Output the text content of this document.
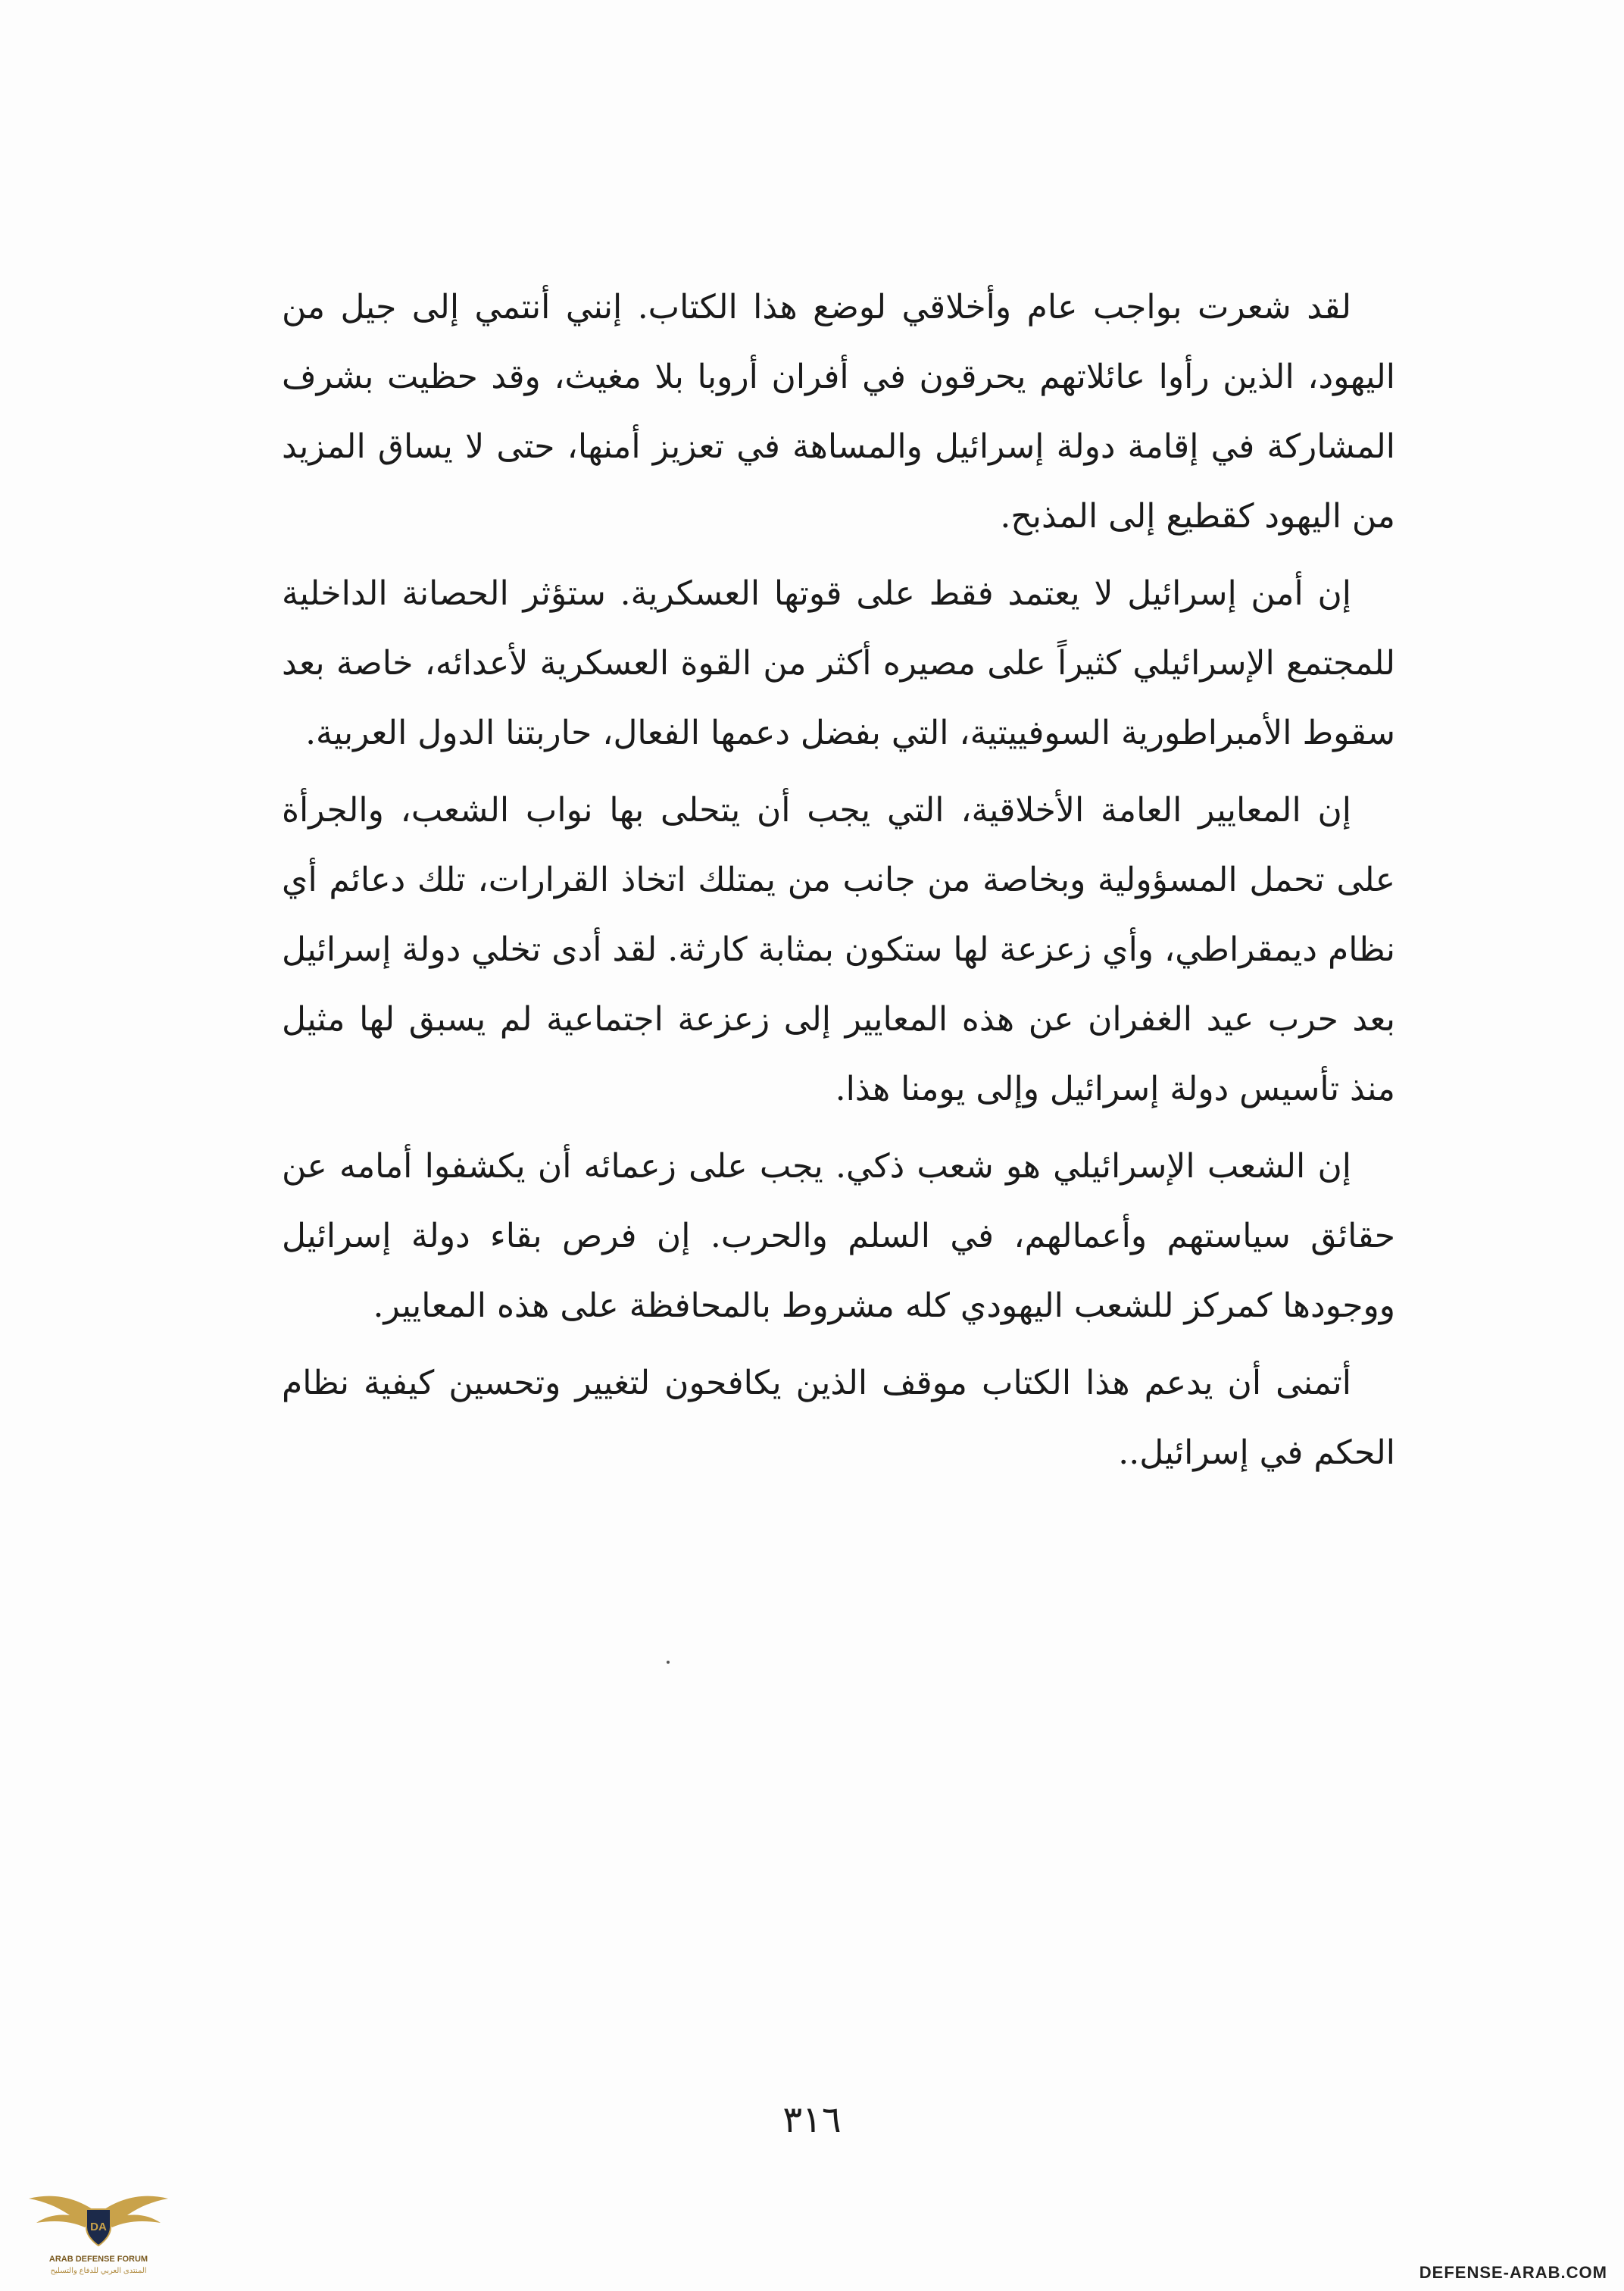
لقد شعرت بواجب عام وأخلاقي لوضع هذا الكتاب. إنني أنتمي إلى جيل من اليهود، الذين رأوا عائلاتهم يحرقون في أفران أروبا بلا مغيث، وقد حظيت بشرف المشاركة في إقامة دولة إسرائيل والمساهة في تعزيز أمنها، حتى لا يساق المزيد من اليهود كقطيع إلى المذبح.

إن أمن إسرائيل لا يعتمد فقط على قوتها العسكرية. ستؤثر الحصانة الداخلية للمجتمع الإسرائيلي كثيراً على مصيره أكثر من القوة العسكرية لأعدائه، خاصة بعد سقوط الأمبراطورية السوفييتية، التي بفضل دعمها الفعال، حاربتنا الدول العربية.

إن المعايير العامة الأخلاقية، التي يجب أن يتحلى بها نواب الشعب، والجرأة على تحمل المسؤولية وبخاصة من جانب من يمتلك اتخاذ القرارات، تلك دعائم أي نظام ديمقراطي، وأي زعزعة لها ستكون بمثابة كارثة. لقد أدى تخلي دولة إسرائيل بعد حرب عيد الغفران عن هذه المعايير إلى زعزعة اجتماعية لم يسبق لها مثيل منذ تأسيس دولة إسرائيل وإلى يومنا هذا.

إن الشعب الإسرائيلي هو شعب ذكي. يجب على زعمائه أن يكشفوا أمامه عن حقائق سياستهم وأعمالهم، في السلم والحرب. إن فرص بقاء دولة إسرائيل ووجودها كمركز للشعب اليهودي كله مشروط بالمحافظة على هذه المعايير.

أتمنى أن يدعم هذا الكتاب موقف الذين يكافحون لتغيير وتحسين كيفية نظام الحكم في إسرائيل..

٣١٦
DA
ARAB DEFENSE FORUM
المنتدى العربي للدفاع والتسليح	DEFENSE-ARAB.COM
